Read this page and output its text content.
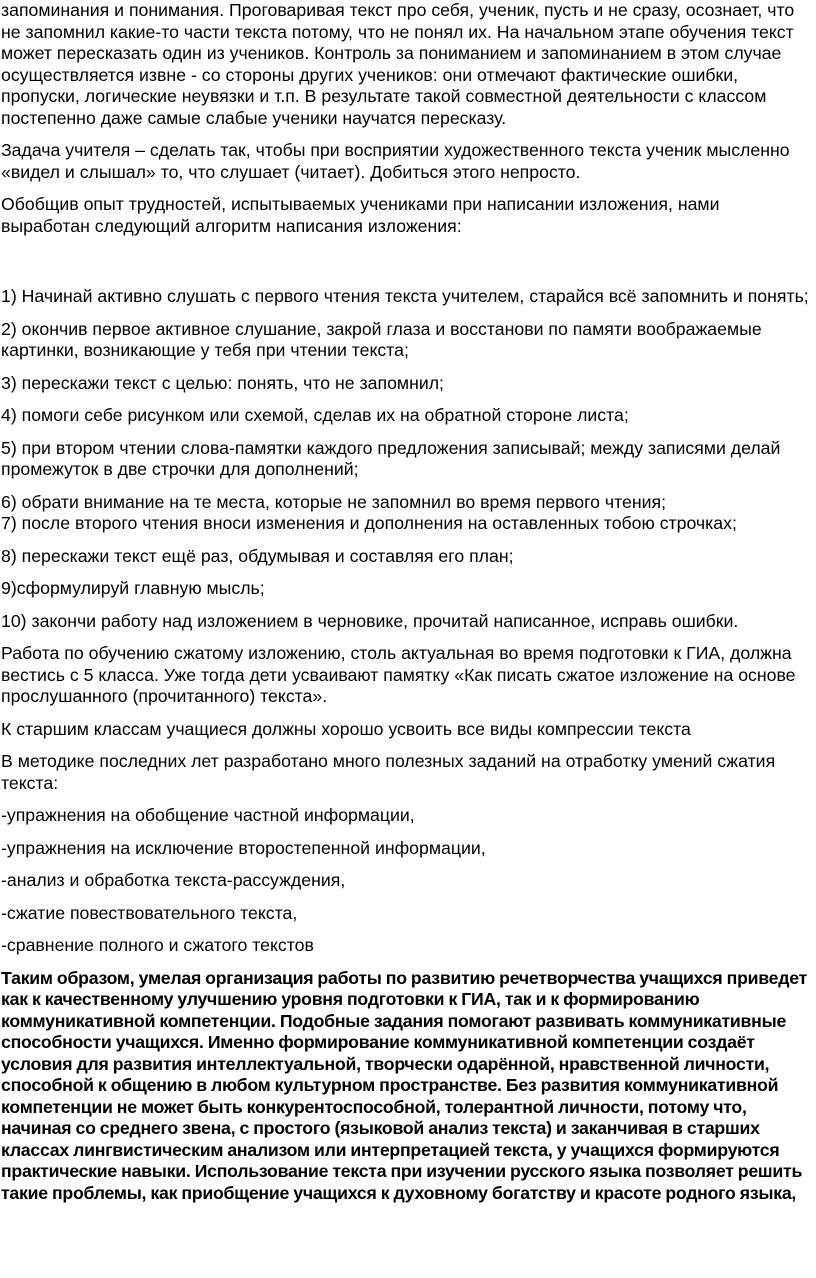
запоминания и понимания. Проговаривая текст про себя, ученик, пусть и не сразу, осознает, что не запомнил какие-то части текста потому, что не понял их. На начальном этапе обучения текст может пересказать один из учеников. Контроль за пониманием и запоминанием в этом случае осуществляется извне - со стороны других учеников: они отмечают фактические ошибки, пропуски, логические неувязки и т.п. В результате такой совместной деятельности с классом постепенно даже самые слабые ученики научатся пересказу.

Задача учителя – сделать так, чтобы при восприятии художественного текста ученик мысленно «видел и слышал» то, что слушает (читает). Добиться этого непросто.

Обобщив опыт трудностей, испытываемых учениками при написании изложения, нами выработан следующий алгоритм написания изложения:

1) Начинай активно слушать с первого чтения текста учителем, старайся всё запомнить и понять;

2) окончив первое активное слушание, закрой глаза и восстанови по памяти воображаемые картинки, возникающие у тебя при чтении текста;

3) перескажи текст с целью: понять, что не запомнил;

4) помоги себе рисунком или схемой, сделав их на обратной стороне листа;

5) при втором чтении слова-памятки каждого предложения записывай; между записями делай промежуток в две строчки для дополнений;

6) обрати внимание на те места, которые не запомнил во время первого чтения;

7) после второго чтения вноси изменения и дополнения на оставленных тобою строчках;

8) перескажи текст ещё раз, обдумывая и составляя его план;

9)сформулируй главную мысль;

10) закончи работу над изложением в черновике, прочитай написанное, исправь ошибки.

Работа по обучению сжатому изложению, столь актуальная во время подготовки к ГИА, должна вестись с 5 класса. Уже тогда дети усваивают памятку «Как писать сжатое изложение на основе прослушанного (прочитанного) текста».

К старшим классам учащиеся должны хорошо усвоить все виды компрессии текста

В методике последних лет разработано много полезных заданий на отработку умений сжатия текста:

-упражнения на обобщение частной информации,

-упражнения на исключение второстепенной информации,

-анализ и обработка текста-рассуждения,

-сжатие повествовательного текста,

-сравнение полного и сжатого текстов

Таким образом, умелая организация работы по развитию речетворчества учащихся приведет как к качественному улучшению уровня подготовки к ГИА, так и к формированию коммуникативной компетенции. Подобные задания помогают развивать коммуникативные способности учащихся. Именно формирование коммуникативной компетенции создаёт условия для развития интеллектуальной, творчески одарённой, нравственной личности, способной к общению в любом культурном пространстве. Без развития коммуникативной компетенции не может быть конкурентоспособной, толерантной личности, потому что, начиная со среднего звена, с простого (языковой анализ текста) и заканчивая в старших классах лингвистическим анализом или интерпретацией текста, у учащихся формируются практические навыки. Использование текста при изучении русского языка позволяет решить такие проблемы, как приобщение учащихся к духовному богатству и красоте родного языка,
